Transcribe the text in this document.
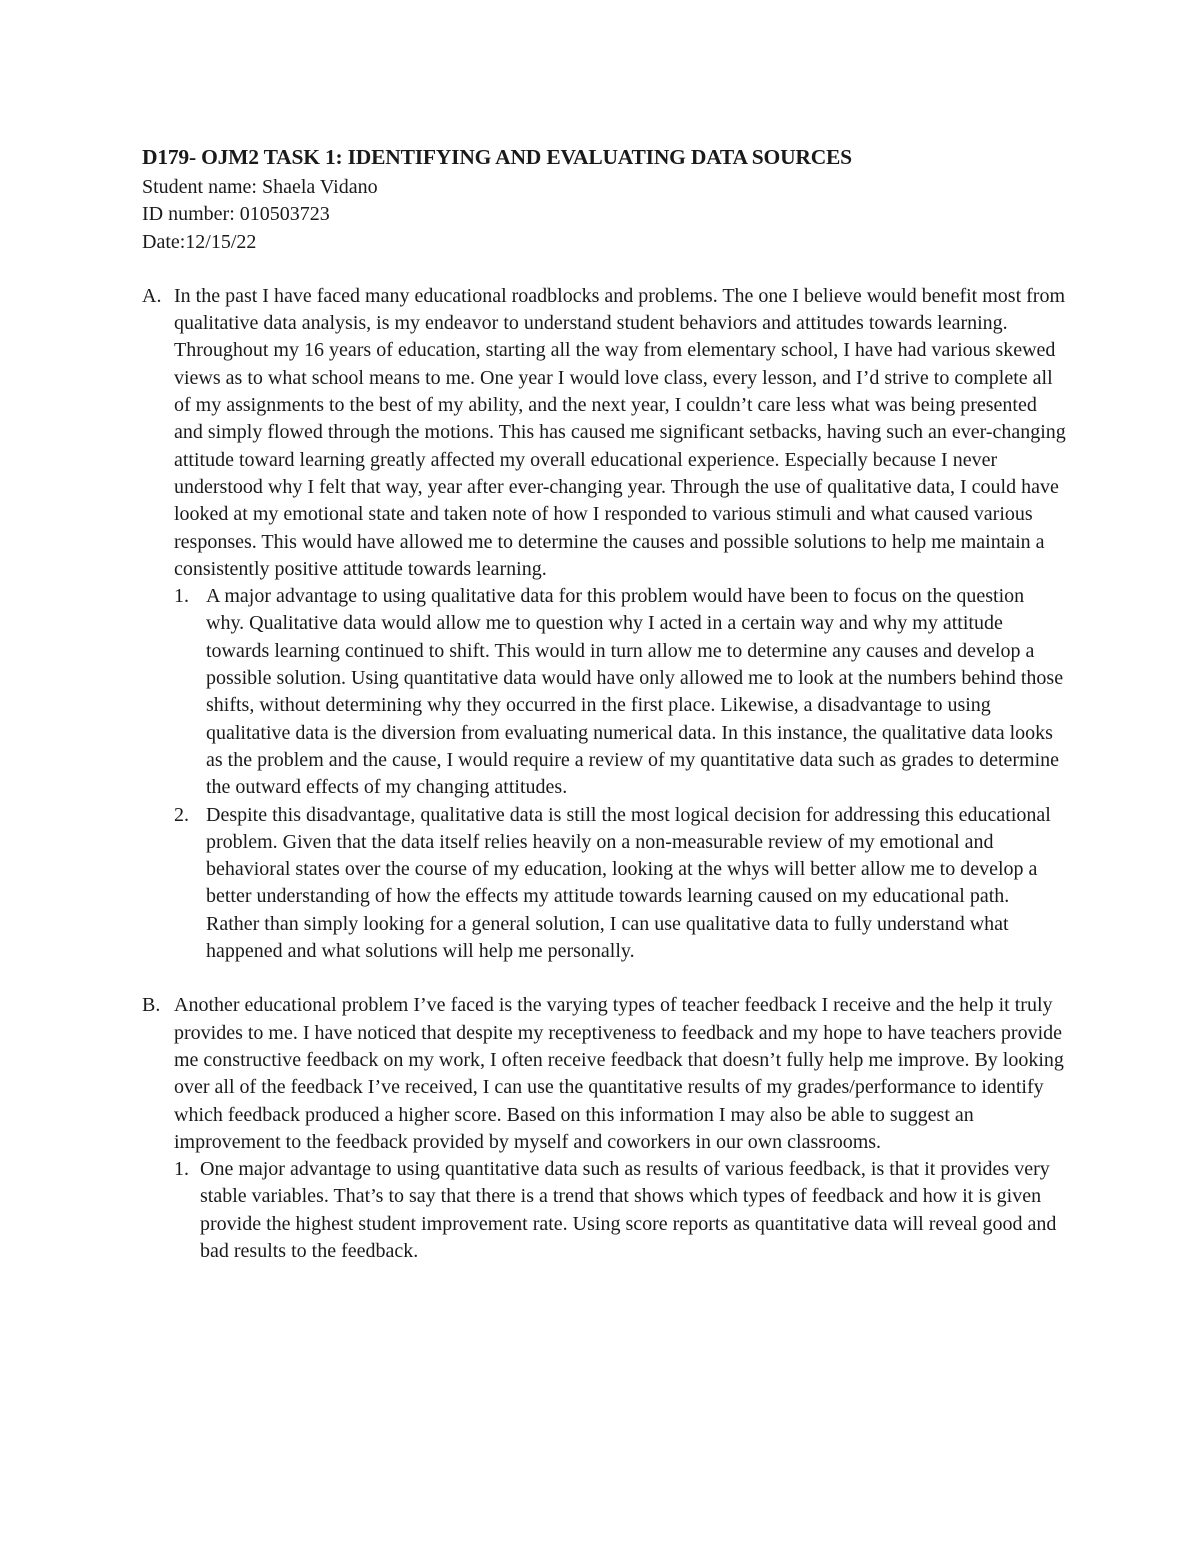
D179- OJM2 TASK 1: IDENTIFYING AND EVALUATING DATA SOURCES

Student name: Shaela Vidano

ID number: 010503723

Date:12/15/22

A. In the past I have faced many educational roadblocks and problems. The one I believe would benefit most from qualitative data analysis, is my endeavor to understand student behaviors and attitudes towards learning. Throughout my 16 years of education, starting all the way from elementary school, I have had various skewed views as to what school means to me. One year I would love class, every lesson, and I’d strive to complete all of my assignments to the best of my ability, and the next year, I couldn’t care less what was being presented and simply flowed through the motions. This has caused me significant setbacks, having such an ever-changing attitude toward learning greatly affected my overall educational experience. Especially because I never understood why I felt that way, year after ever-changing year. Through the use of qualitative data, I could have looked at my emotional state and taken note of how I responded to various stimuli and what caused various responses. This would have allowed me to determine the causes and possible solutions to help me maintain a consistently positive attitude towards learning.

1. A major advantage to using qualitative data for this problem would have been to focus on the question why. Qualitative data would allow me to question why I acted in a certain way and why my attitude towards learning continued to shift. This would in turn allow me to determine any causes and develop a possible solution. Using quantitative data would have only allowed me to look at the numbers behind those shifts, without determining why they occurred in the first place. Likewise, a disadvantage to using qualitative data is the diversion from evaluating numerical data. In this instance, the qualitative data looks as the problem and the cause, I would require a review of my quantitative data such as grades to determine the outward effects of my changing attitudes.

2. Despite this disadvantage, qualitative data is still the most logical decision for addressing this educational problem. Given that the data itself relies heavily on a non-measurable review of my emotional and behavioral states over the course of my education, looking at the whys will better allow me to develop a better understanding of how the effects my attitude towards learning caused on my educational path. Rather than simply looking for a general solution, I can use qualitative data to fully understand what happened and what solutions will help me personally.

B. Another educational problem I’ve faced is the varying types of teacher feedback I receive and the help it truly provides to me. I have noticed that despite my receptiveness to feedback and my hope to have teachers provide me constructive feedback on my work, I often receive feedback that doesn’t fully help me improve. By looking over all of the feedback I’ve received, I can use the quantitative results of my grades/performance to identify which feedback produced a higher score. Based on this information I may also be able to suggest an improvement to the feedback provided by myself and coworkers in our own classrooms.

1. One major advantage to using quantitative data such as results of various feedback, is that it provides very stable variables. That’s to say that there is a trend that shows which types of feedback and how it is given provide the highest student improvement rate. Using score reports as quantitative data will reveal good and bad results to the feedback.
